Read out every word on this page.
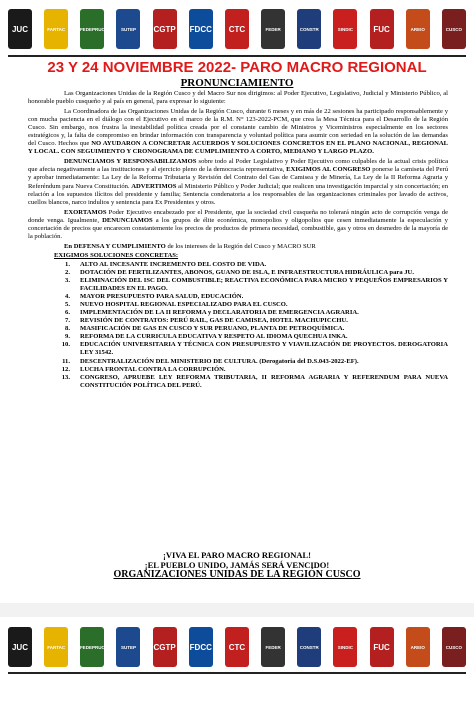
JUC	FARTAC	FEDEPRUC	SUTEP CGTP FDCC CTC	FEDER	CONSTR	SINDIC	FUC	AREIO	CUSCO
23 Y 24 NOVIEMBRE 2022- PARO MACRO REGIONAL
PRONUNCIAMIENTO

Las Organizaciones Unidas de la Región Cusco y del Macro Sur nos dirigimos: al Poder Ejecutivo, Legislativo, Judicial y Ministerio Público, al honorable pueblo cusqueño y al país en general, para expresar lo siguiente:

La Coordinadora de las Organizaciones Unidas de la Región Cusco, durante 6 meses y en más de 22 sesiones ha participado responsablemente y con mucha paciencia en el diálogo con el Ejecutivo en el marco de la R.M. N° 123-2022-PCM, que crea la Mesa Técnica para el Desarrollo de la Región Cusco. Sin embargo, nos frustra la inestabilidad política creada por el constante cambio de Ministros y Viceministros especialmente en los sectores estratégicos y, la falta de compromiso en brindar información con transparencia y voluntad política para asumir con seriedad en la solución de las demandas del Cusco. Hechos que NO AYUDARON A CONCRETAR ACUERDOS Y SOLUCIONES CONCRETOS EN EL PLANO NACIONAL, REGIONAL Y LOCAL. CON SEGUIMIENTO Y CRONOGRAMA DE CUMPLIMIENTO A CORTO, MEDIANO Y LARGO PLAZO.

DENUNCIAMOS Y RESPONSABILIZAMOS sobre todo al Poder Legislativo y Poder Ejecutivo como culpables de la actual crisis política que afecta negativamente a las instituciones y al ejercicio pleno de la democracia representativa, EXIGIMOS AL CONGRESO ponerse la camiseta del Perú y aprobar inmediatamente: La Ley de la Reforma Tributaria y Revisión del Contrato del Gas de Camisea y de Minería, La Ley de la II Reforma Agraria y Referéndum para Nueva Constitución. ADVERTIMOS al Ministerio Público y Poder Judicial; que realicen una investigación imparcial y sin concertación; en relación a los supuestos ilícitos del presidente y familia; Sentencia condenatoria a los responsables de las organizaciones criminales por lavado de activos, cuellos blancos, narco indultos y sentencia para Ex Presidentes y otros.

EXORTAMOS Poder Ejecutivo encabezado por el Presidente, que la sociedad civil cusqueña no tolerará ningún acto de corrupción venga de donde venga. Igualmente, DENUNCIAMOS a los grupos de élite económica, monopolios y oligopolios que cesen inmediatamente la especulación y concertación de precios que encarecen constantemente los precios de productos de primera necesidad, combustible, gas y otros en desmedro de la mayoría de la población.

En DEFENSA Y CUMPLIMIENTO de los intereses de la Región del Cusco y MACRO SUR

EXIGIMOS SOLUCIONES CONCRETAS:
1.	ALTO AL INCESANTE INCREMENTO DEL COSTO DE VIDA.
2.	DOTACIÓN DE FERTILIZANTES, ABONOS, GUANO DE ISLA, E INFRAESTRUCTURA HIDRÁULICA para JU.
3.	ELIMINACIÓN DEL ISC DEL COMBUSTIBLE; REACTIVA ECONÓMICA PARA MICRO Y PEQUEÑOS EMPRESARIOS Y FACILIDADES EN EL PAGO.
4.	MAYOR PRESUPUESTO PARA SALUD, EDUCACIÓN.
5.	NUEVO HOSPITAL REGIONAL ESPECIALIZADO PARA EL CUSCO.
6.	IMPLEMENTACIÓN DE LA II REFORMA y DECLARATORIA DE EMERGENCIA AGRARIA.
7.	REVISIÓN DE CONTRATOS: PERÚ RAIL, GAS DE CAMISEA, HOTEL MACHUPICCHU.
8.	MASIFICACIÓN DE GAS EN CUSCO Y SUR PERUANO, PLANTA DE PETROQUÍMICA.
9.	REFORMA DE LA CURRICULA EDUCATIVA Y RESPETO AL IDIOMA QUECHUA INKA.
10.	EDUCACIÓN UNIVERSITARIA Y TÉCNICA CON PRESUPUESTO Y VIAVILIZACIÓN DE PROYECTOS. DEROGATORIA LEY 31542.
11.	DESCENTRALIZACIÓN DEL MINISTERIO DE CULTURA. (Derogatoria del D.S.043-2022-EF).
12.	LUCHA FRONTAL CONTRA LA CORRUPCIÓN.
13.	CONGRESO, APRUEBE LEY REFORMA TRIBUTARIA, II REFORMA AGRARIA Y REFERENDUM PARA NUEVA CONSTITUCIÓN POLÍTICA DEL PERÚ.
¡VIVA EL PARO MACRO REGIONAL!
¡EL PUEBLO UNIDO, JAMÁS SERÁ VENCIDO!
ORGANIZACIONES UNIDAS DE LA REGIÓN CUSCO
JUC	FARTAC	FEDEPRUC	SUTEP CGTP FDCC CTC	FEDER	CONSTR	SINDIC	FUC	AREIO	CUSCO
